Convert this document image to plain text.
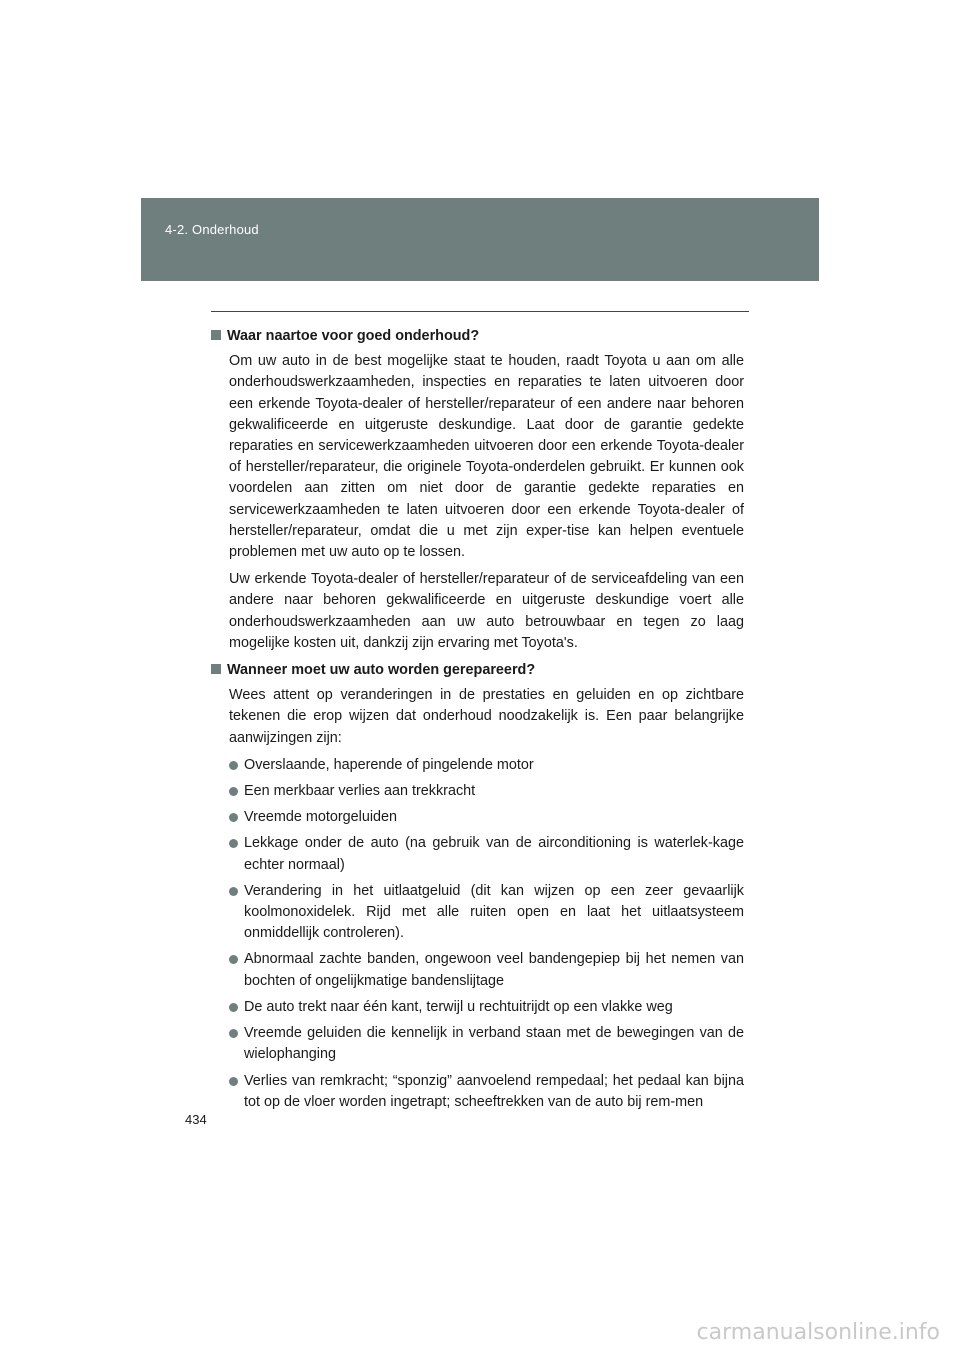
4-2. Onderhoud
Waar naartoe voor goed onderhoud?

Om uw auto in de best mogelijke staat te houden, raadt Toyota u aan om alle onderhoudswerkzaamheden, inspecties en reparaties te laten uitvoeren door een erkende Toyota-dealer of hersteller/reparateur of een andere naar behoren gekwalificeerde en uitgeruste deskundige. Laat door de garantie gedekte reparaties en servicewerkzaamheden uitvoeren door een erkende Toyota-dealer of hersteller/reparateur, die originele Toyota-onderdelen gebruikt. Er kunnen ook voordelen aan zitten om niet door de garantie gedekte reparaties en servicewerkzaamheden te laten uitvoeren door een erkende Toyota-dealer of hersteller/reparateur, omdat die u met zijn exper-tise kan helpen eventuele problemen met uw auto op te lossen.

Uw erkende Toyota-dealer of hersteller/reparateur of de serviceafdeling van een andere naar behoren gekwalificeerde en uitgeruste deskundige voert alle onderhoudswerkzaamheden aan uw auto betrouwbaar en tegen zo laag mogelijke kosten uit, dankzij zijn ervaring met Toyota's.

Wanneer moet uw auto worden gerepareerd?

Wees attent op veranderingen in de prestaties en geluiden en op zichtbare tekenen die erop wijzen dat onderhoud noodzakelijk is. Een paar belangrijke aanwijzingen zijn:

Overslaande, haperende of pingelende motor
Een merkbaar verlies aan trekkracht
Vreemde motorgeluiden
Lekkage onder de auto (na gebruik van de airconditioning is waterlek-kage echter normaal)
Verandering in het uitlaatgeluid (dit kan wijzen op een zeer gevaarlijk koolmonoxidelek. Rijd met alle ruiten open en laat het uitlaatsysteem onmiddellijk controleren).
Abnormaal zachte banden, ongewoon veel bandengepiep bij het nemen van bochten of ongelijkmatige bandenslijtage
De auto trekt naar één kant, terwijl u rechtuitrijdt op een vlakke weg
Vreemde geluiden die kennelijk in verband staan met de bewegingen van de wielophanging
Verlies van remkracht; “sponzig” aanvoelend rempedaal; het pedaal kan bijna tot op de vloer worden ingetrapt; scheeftrekken van de auto bij rem-men
434
carmanualsonline.info
